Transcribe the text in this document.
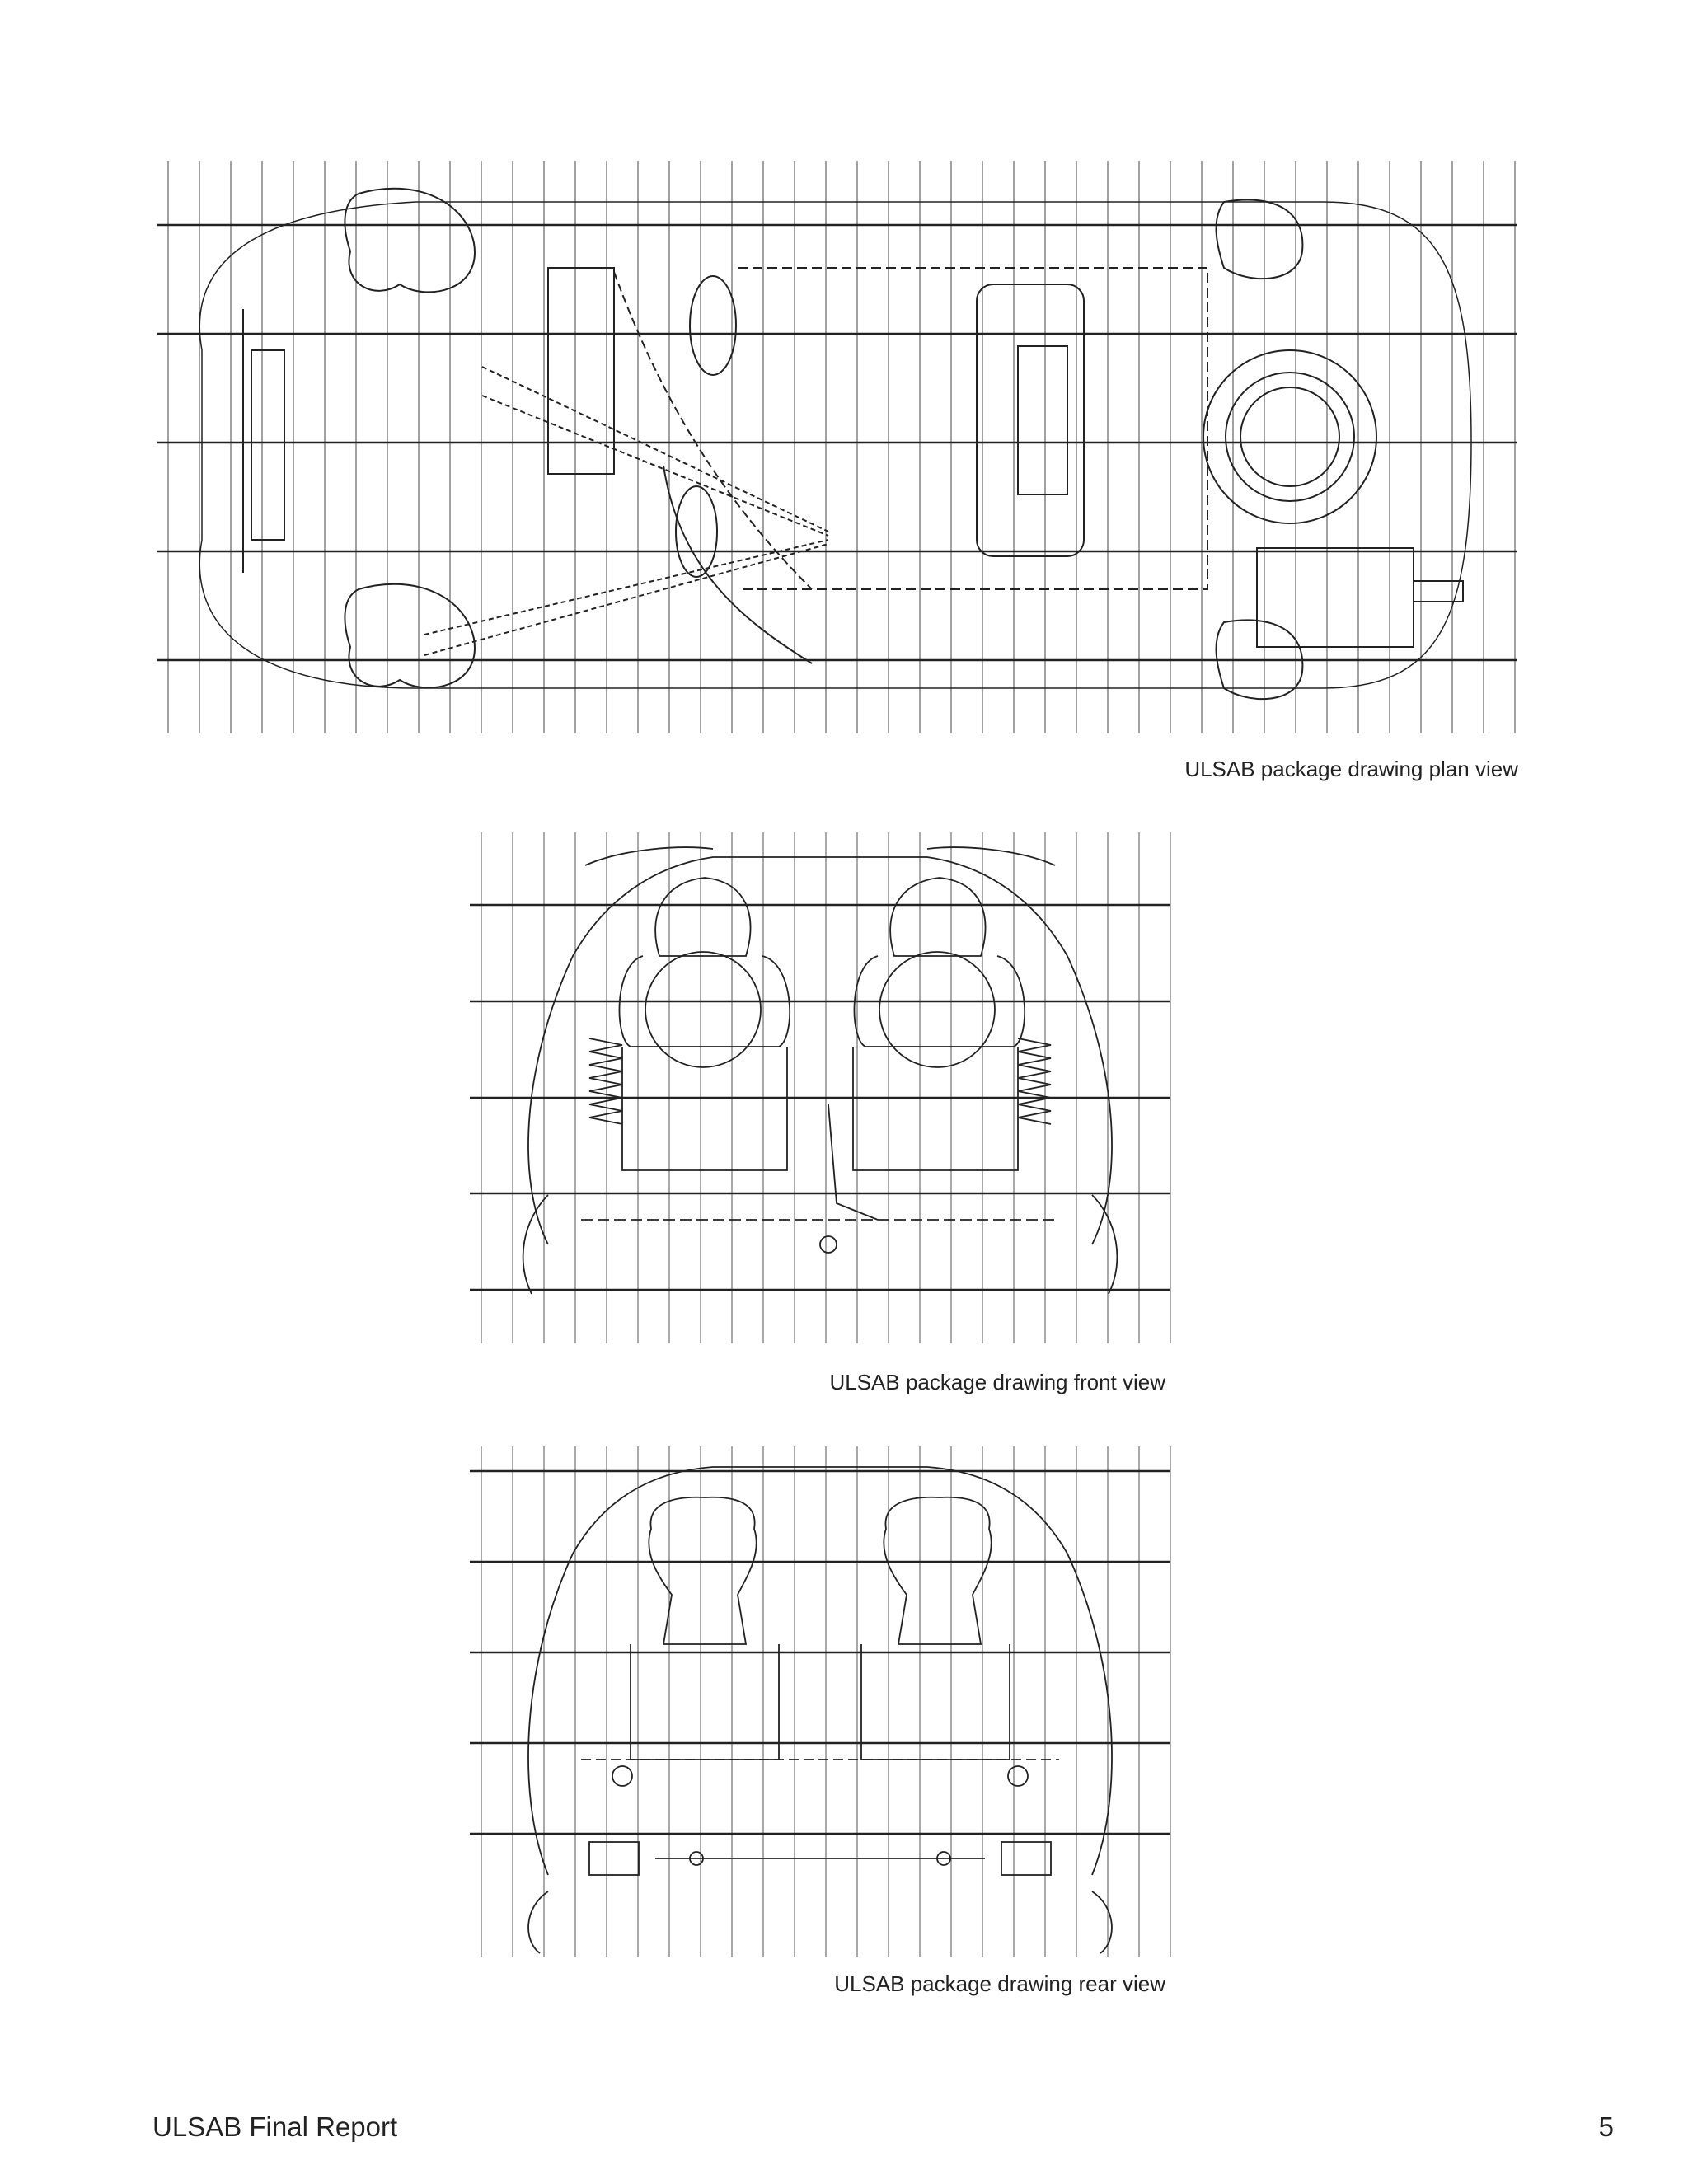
ULSAB package drawing plan view
ULSAB package drawing front view
ULSAB package drawing rear view
ULSAB Final Report	5
